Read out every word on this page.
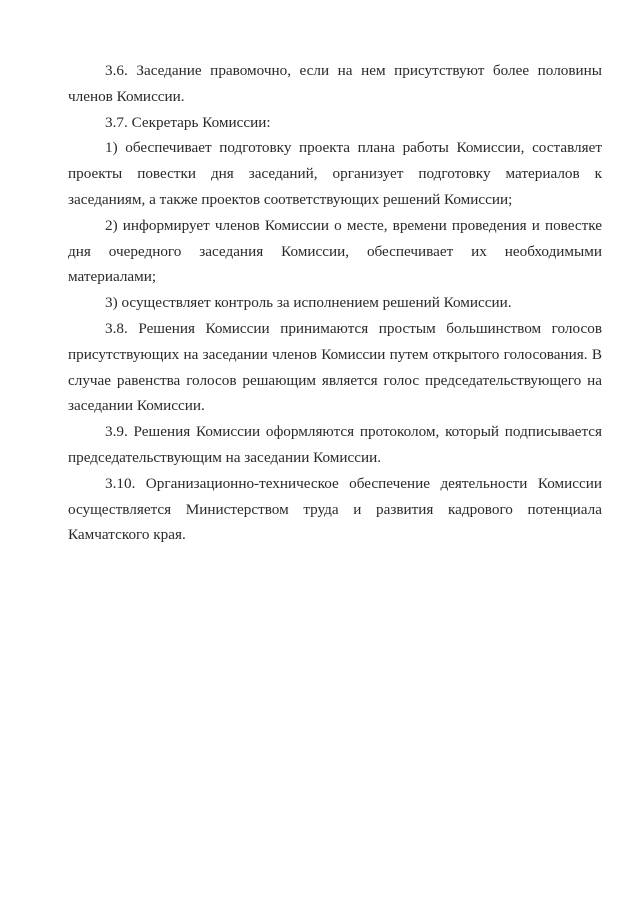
3.6. Заседание правомочно, если на нем присутствуют более половины членов Комиссии.

3.7. Секретарь Комиссии:

1) обеспечивает подготовку проекта плана работы Комиссии, составляет проекты повестки дня заседаний, организует подготовку материалов к заседаниям, а также проектов соответствующих решений Комиссии;

2) информирует членов Комиссии о месте, времени проведения и повестке дня очередного заседания Комиссии, обеспечивает их необходимыми материалами;

3) осуществляет контроль за исполнением решений Комиссии.

3.8. Решения Комиссии принимаются простым большинством голосов присутствующих на заседании членов Комиссии путем открытого голосования. В случае равенства голосов решающим является голос председательствующего на заседании Комиссии.

3.9. Решения Комиссии оформляются протоколом, который подписывается председательствующим на заседании Комиссии.

3.10. Организационно-техническое обеспечение деятельности Комиссии осуществляется Министерством труда и развития кадрового потенциала Камчатского края.
